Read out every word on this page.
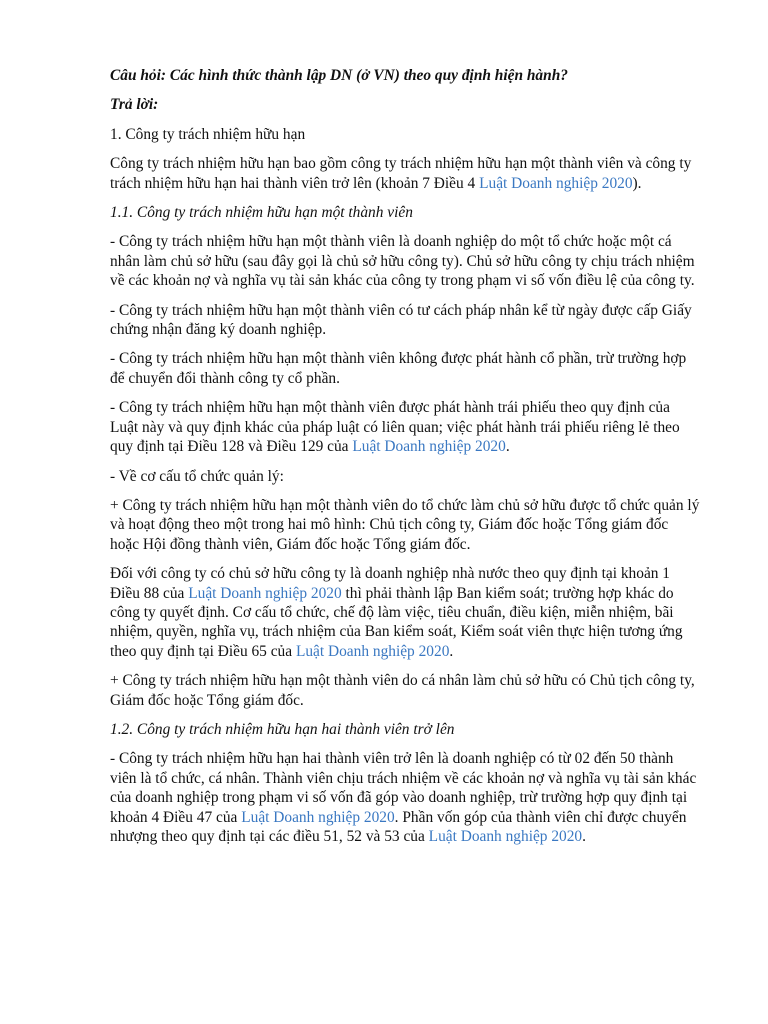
Câu hỏi: Các hình thức thành lập DN (ở VN) theo quy định hiện hành?

Trả lời:

1. Công ty trách nhiệm hữu hạn

Công ty trách nhiệm hữu hạn bao gồm công ty trách nhiệm hữu hạn một thành viên và công ty trách nhiệm hữu hạn hai thành viên trở lên (khoản 7 Điều 4 Luật Doanh nghiệp 2020).

1.1. Công ty trách nhiệm hữu hạn một thành viên

- Công ty trách nhiệm hữu hạn một thành viên là doanh nghiệp do một tổ chức hoặc một cá nhân làm chủ sở hữu (sau đây gọi là chủ sở hữu công ty). Chủ sở hữu công ty chịu trách nhiệm về các khoản nợ và nghĩa vụ tài sản khác của công ty trong phạm vi số vốn điều lệ của công ty.

- Công ty trách nhiệm hữu hạn một thành viên có tư cách pháp nhân kể từ ngày được cấp Giấy chứng nhận đăng ký doanh nghiệp.

- Công ty trách nhiệm hữu hạn một thành viên không được phát hành cổ phần, trừ trường hợp để chuyển đổi thành công ty cổ phần.

- Công ty trách nhiệm hữu hạn một thành viên được phát hành trái phiếu theo quy định của Luật này và quy định khác của pháp luật có liên quan; việc phát hành trái phiếu riêng lẻ theo quy định tại Điều 128 và Điều 129 của Luật Doanh nghiệp 2020.

- Về cơ cấu tổ chức quản lý:

+ Công ty trách nhiệm hữu hạn một thành viên do tổ chức làm chủ sở hữu được tổ chức quản lý và hoạt động theo một trong hai mô hình: Chủ tịch công ty, Giám đốc hoặc Tổng giám đốc hoặc Hội đồng thành viên, Giám đốc hoặc Tổng giám đốc.

Đối với công ty có chủ sở hữu công ty là doanh nghiệp nhà nước theo quy định tại khoản 1 Điều 88 của Luật Doanh nghiệp 2020 thì phải thành lập Ban kiểm soát; trường hợp khác do công ty quyết định. Cơ cấu tổ chức, chế độ làm việc, tiêu chuẩn, điều kiện, miễn nhiệm, bãi nhiệm, quyền, nghĩa vụ, trách nhiệm của Ban kiểm soát, Kiểm soát viên thực hiện tương ứng theo quy định tại Điều 65 của Luật Doanh nghiệp 2020.

+ Công ty trách nhiệm hữu hạn một thành viên do cá nhân làm chủ sở hữu có Chủ tịch công ty, Giám đốc hoặc Tổng giám đốc.

1.2. Công ty trách nhiệm hữu hạn hai thành viên trở lên

- Công ty trách nhiệm hữu hạn hai thành viên trở lên là doanh nghiệp có từ 02 đến 50 thành viên là tổ chức, cá nhân. Thành viên chịu trách nhiệm về các khoản nợ và nghĩa vụ tài sản khác của doanh nghiệp trong phạm vi số vốn đã góp vào doanh nghiệp, trừ trường hợp quy định tại khoản 4 Điều 47 của Luật Doanh nghiệp 2020. Phần vốn góp của thành viên chỉ được chuyển nhượng theo quy định tại các điều 51, 52 và 53 của Luật Doanh nghiệp 2020.
